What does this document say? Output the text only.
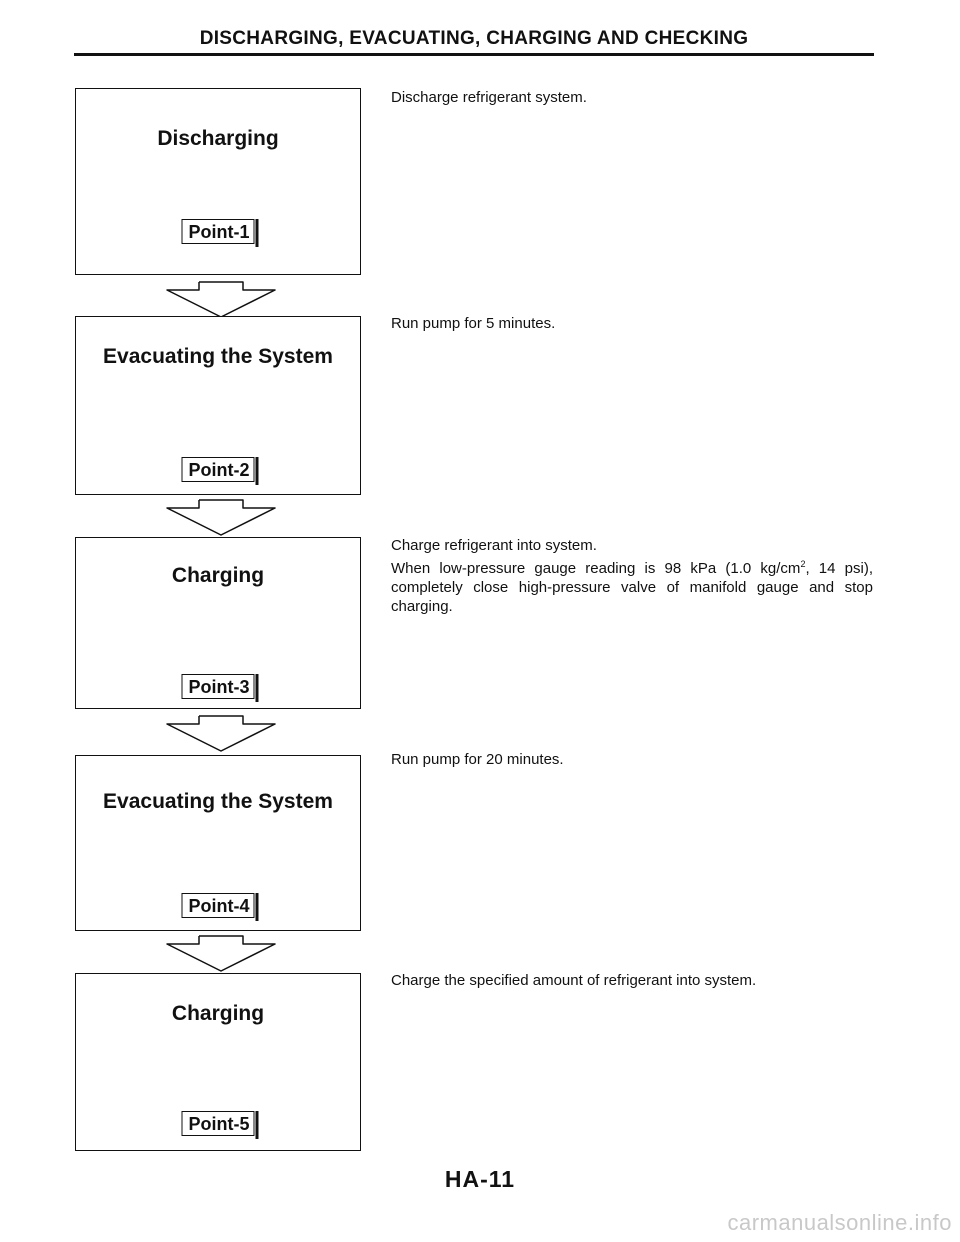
DISCHARGING, EVACUATING, CHARGING AND CHECKING
Discharging
Point-1
Discharge refrigerant system.
Evacuating the System
Point-2
Run pump for 5 minutes.
Charging
Point-3
Charge refrigerant into system.
When low-pressure gauge reading is 98 kPa (1.0 $kg/cm^2$, 14 psi), completely close high-pressure valve of manifold gauge and stop charging.
Evacuating the System
Point-4
Run pump for 20 minutes.
Charging
Point-5
Charge the specified amount of refrigerant into system.
HA-11
carmanualsonline.info
